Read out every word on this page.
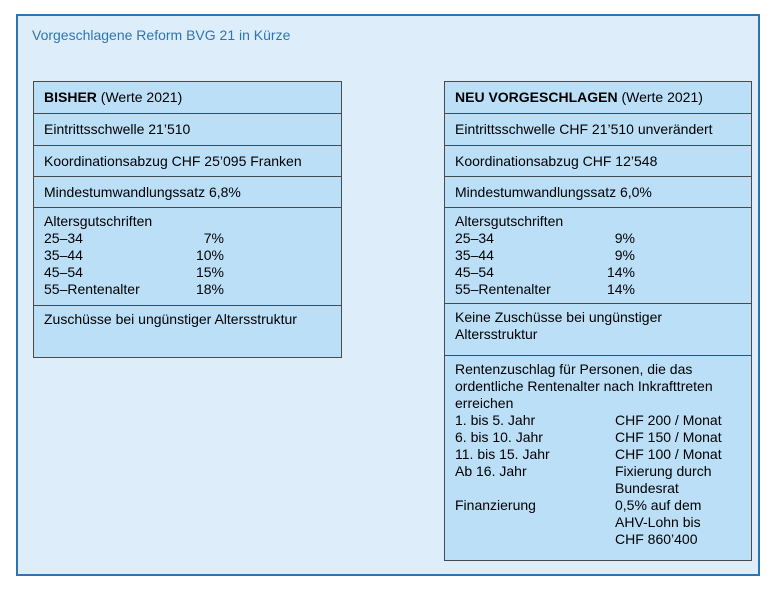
Vorgeschlagene Reform BVG 21 in Kürze
BISHER (Werte 2021)
Eintrittsschwelle 21’510
Koordinationsabzug CHF 25’095 Franken
Mindestumwandlungssatz 6,8%
Altersgutschriften
25–34	7%
35–44	10%
45–54	15%
55–Rentenalter	18%
Zuschüsse bei ungünstiger Altersstruktur
NEU VORGESCHLAGEN (Werte 2021)
Eintrittsschwelle CHF 21’510 unverändert
Koordinationsabzug CHF 12’548
Mindestumwandlungssatz 6,0%
Altersgutschriften
25–34	9%
35–44	9%
45–54	14%
55–Rentenalter	14%
Keine Zuschüsse bei ungünstiger Altersstruktur
Rentenzuschlag für Personen, die das ordentliche Rentenalter nach Inkrafttreten erreichen
1. bis 5. Jahr	CHF 200 / Monat
6. bis 10. Jahr	CHF 150 / Monat
11. bis 15. Jahr	CHF 100 / Monat
Ab 16. Jahr	Fixierung durch Bundesrat
Finanzierung	0,5% auf dem AHV-Lohn bis CHF 860’400
